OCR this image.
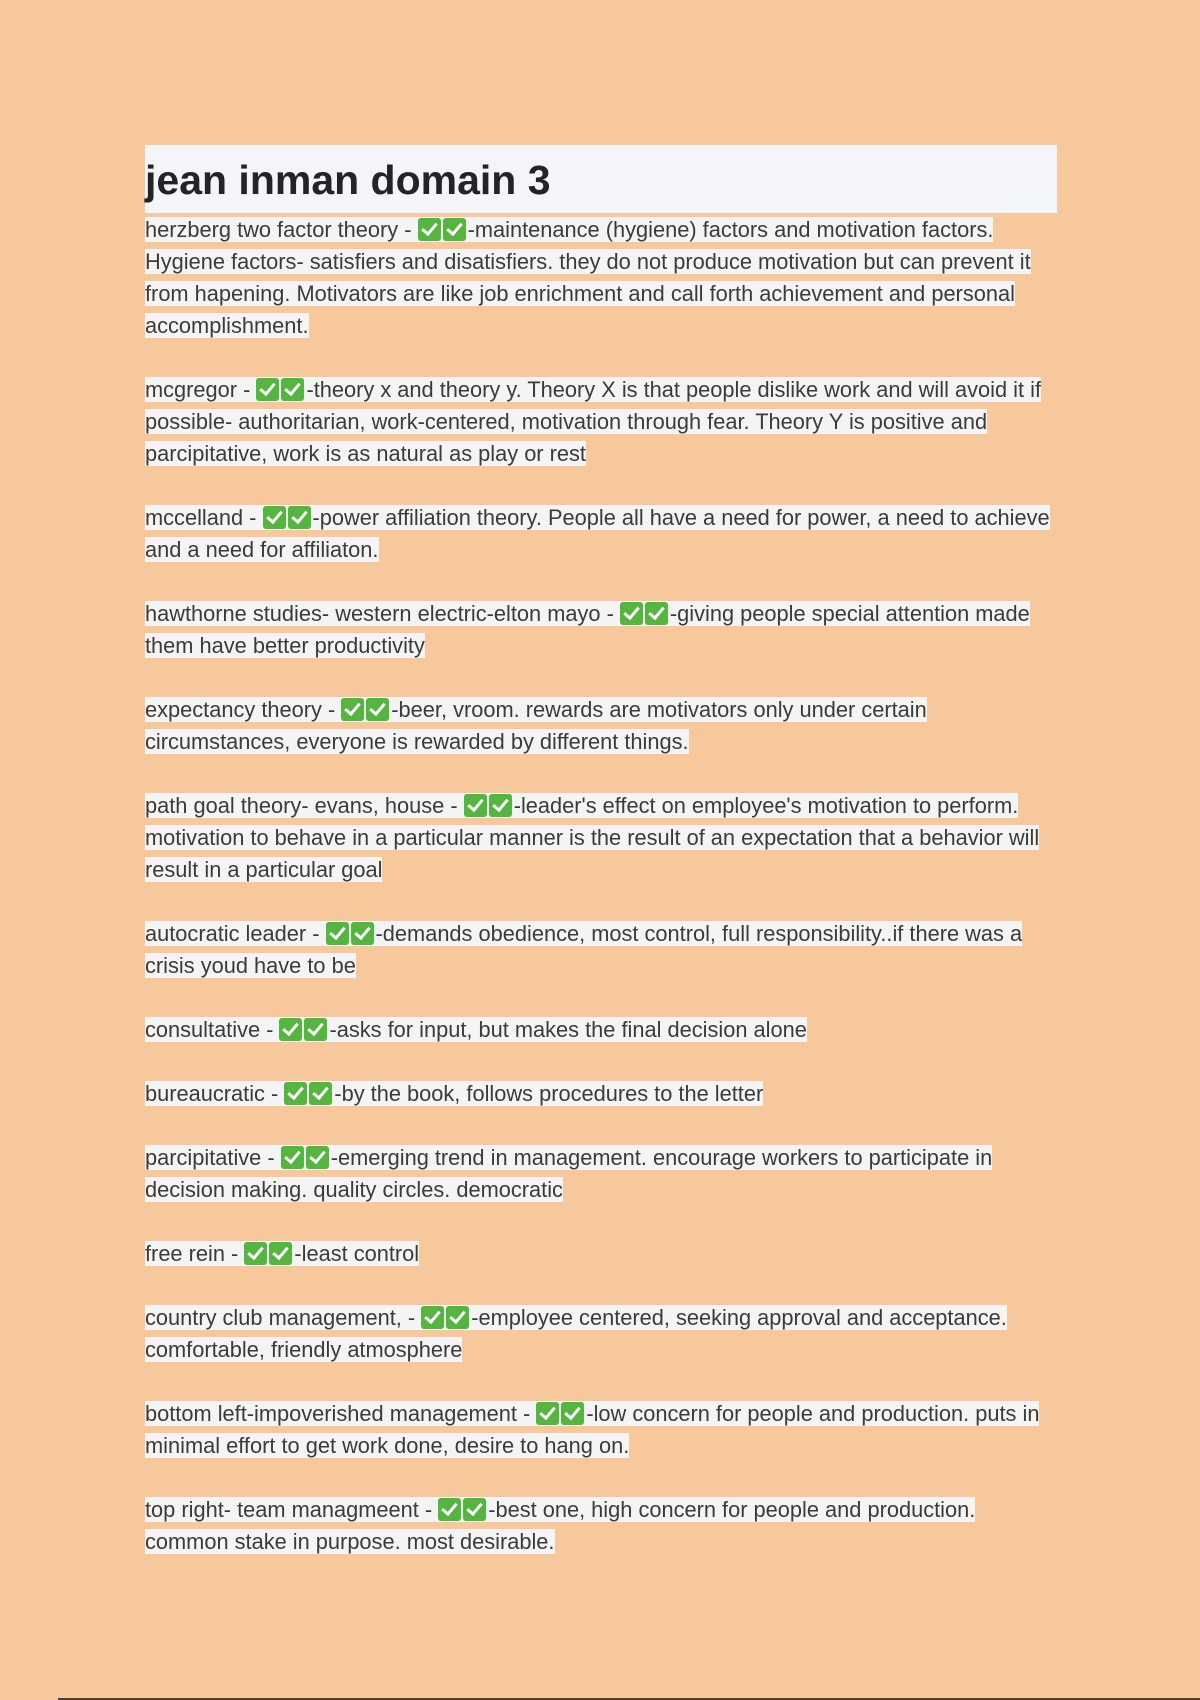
jean inman domain 3

herzberg two factor theory - -maintenance (hygiene) factors and motivation factors. Hygiene factors- satisfiers and disatisfiers. they do not produce motivation but can prevent it from hapening. Motivators are like job enrichment and call forth achievement and personal accomplishment.

mcgregor - -theory x and theory y. Theory X is that people dislike work and will avoid it if possible- authoritarian, work-centered, motivation through fear. Theory Y is positive and parcipitative, work is as natural as play or rest

mccelland - -power affiliation theory. People all have a need for power, a need to achieve and a need for affiliaton.

hawthorne studies- western electric-elton mayo - -giving people special attention made them have better productivity

expectancy theory - -beer, vroom. rewards are motivators only under certain circumstances, everyone is rewarded by different things.

path goal theory- evans, house - -leader's effect on employee's motivation to perform. motivation to behave in a particular manner is the result of an expectation that a behavior will result in a particular goal

autocratic leader - -demands obedience, most control, full responsibility..if there was a crisis youd have to be

consultative - -asks for input, but makes the final decision alone

bureaucratic - -by the book, follows procedures to the letter

parcipitative - -emerging trend in management. encourage workers to participate in decision making. quality circles. democratic

free rein - -least control

country club management, - -employee centered, seeking approval and acceptance. comfortable, friendly atmosphere

bottom left-impoverished management - -low concern for people and production. puts in minimal effort to get work done, desire to hang on.

top right- team managmeent - -best one, high concern for people and production. common stake in purpose. most desirable.
